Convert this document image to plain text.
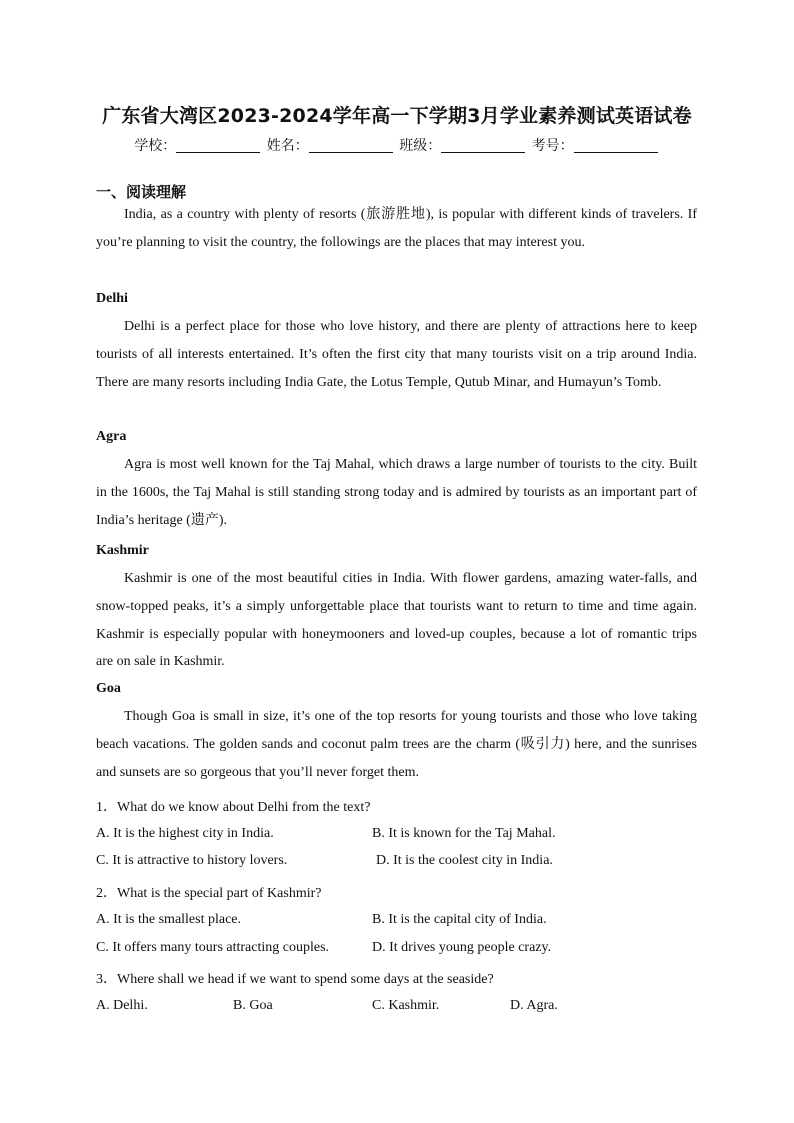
广东省大湾区2023-2024学年高一下学期3月学业素养测试英语试卷
学校：	姓名：	班级：	考号：
一、阅读理解
India, as a country with plenty of resorts (旅游胜地), is popular with different kinds of travelers. If you’re planning to visit the country, the followings are the places that may interest you.
Delhi
Delhi is a perfect place for those who love history, and there are plenty of attractions here to keep tourists of all interests entertained. It’s often the first city that many tourists visit on a trip around India. There are many resorts including India Gate, the Lotus Temple, Qutub Minar, and Humayun’s Tomb.
Agra
Agra is most well known for the Taj Mahal, which draws a large number of tourists to the city. Built in the 1600s, the Taj Mahal is still standing strong today and is admired by tourists as an important part of India’s heritage (遗产).
Kashmir
Kashmir is one of the most beautiful cities in India. With flower gardens, amazing water-falls, and snow-topped peaks, it’s a simply unforgettable place that tourists want to return to time and time again. Kashmir is especially popular with honeymooners and loved-up couples, because a lot of romantic trips are on sale in Kashmir.
Goa
Though Goa is small in size, it’s one of the top resorts for young tourists and those who love taking beach vacations. The golden sands and coconut palm trees are the charm (吸引力) here, and the sunrises and sunsets are so gorgeous that you’ll never forget them.
1．What do we know about Delhi from the text?
A. It is the highest city in India.	B. It is known for the Taj Mahal.
C. It is attractive to history lovers.	D. It is the coolest city in India.
2．What is the special part of Kashmir?
A. It is the smallest place.	B. It is the capital city of India.
C. It offers many tours attracting couples.	D. It drives young people crazy.
3．Where shall we head if we want to spend some days at the seaside?
A. Delhi.	B. Goa	C. Kashmir.	D. Agra.
